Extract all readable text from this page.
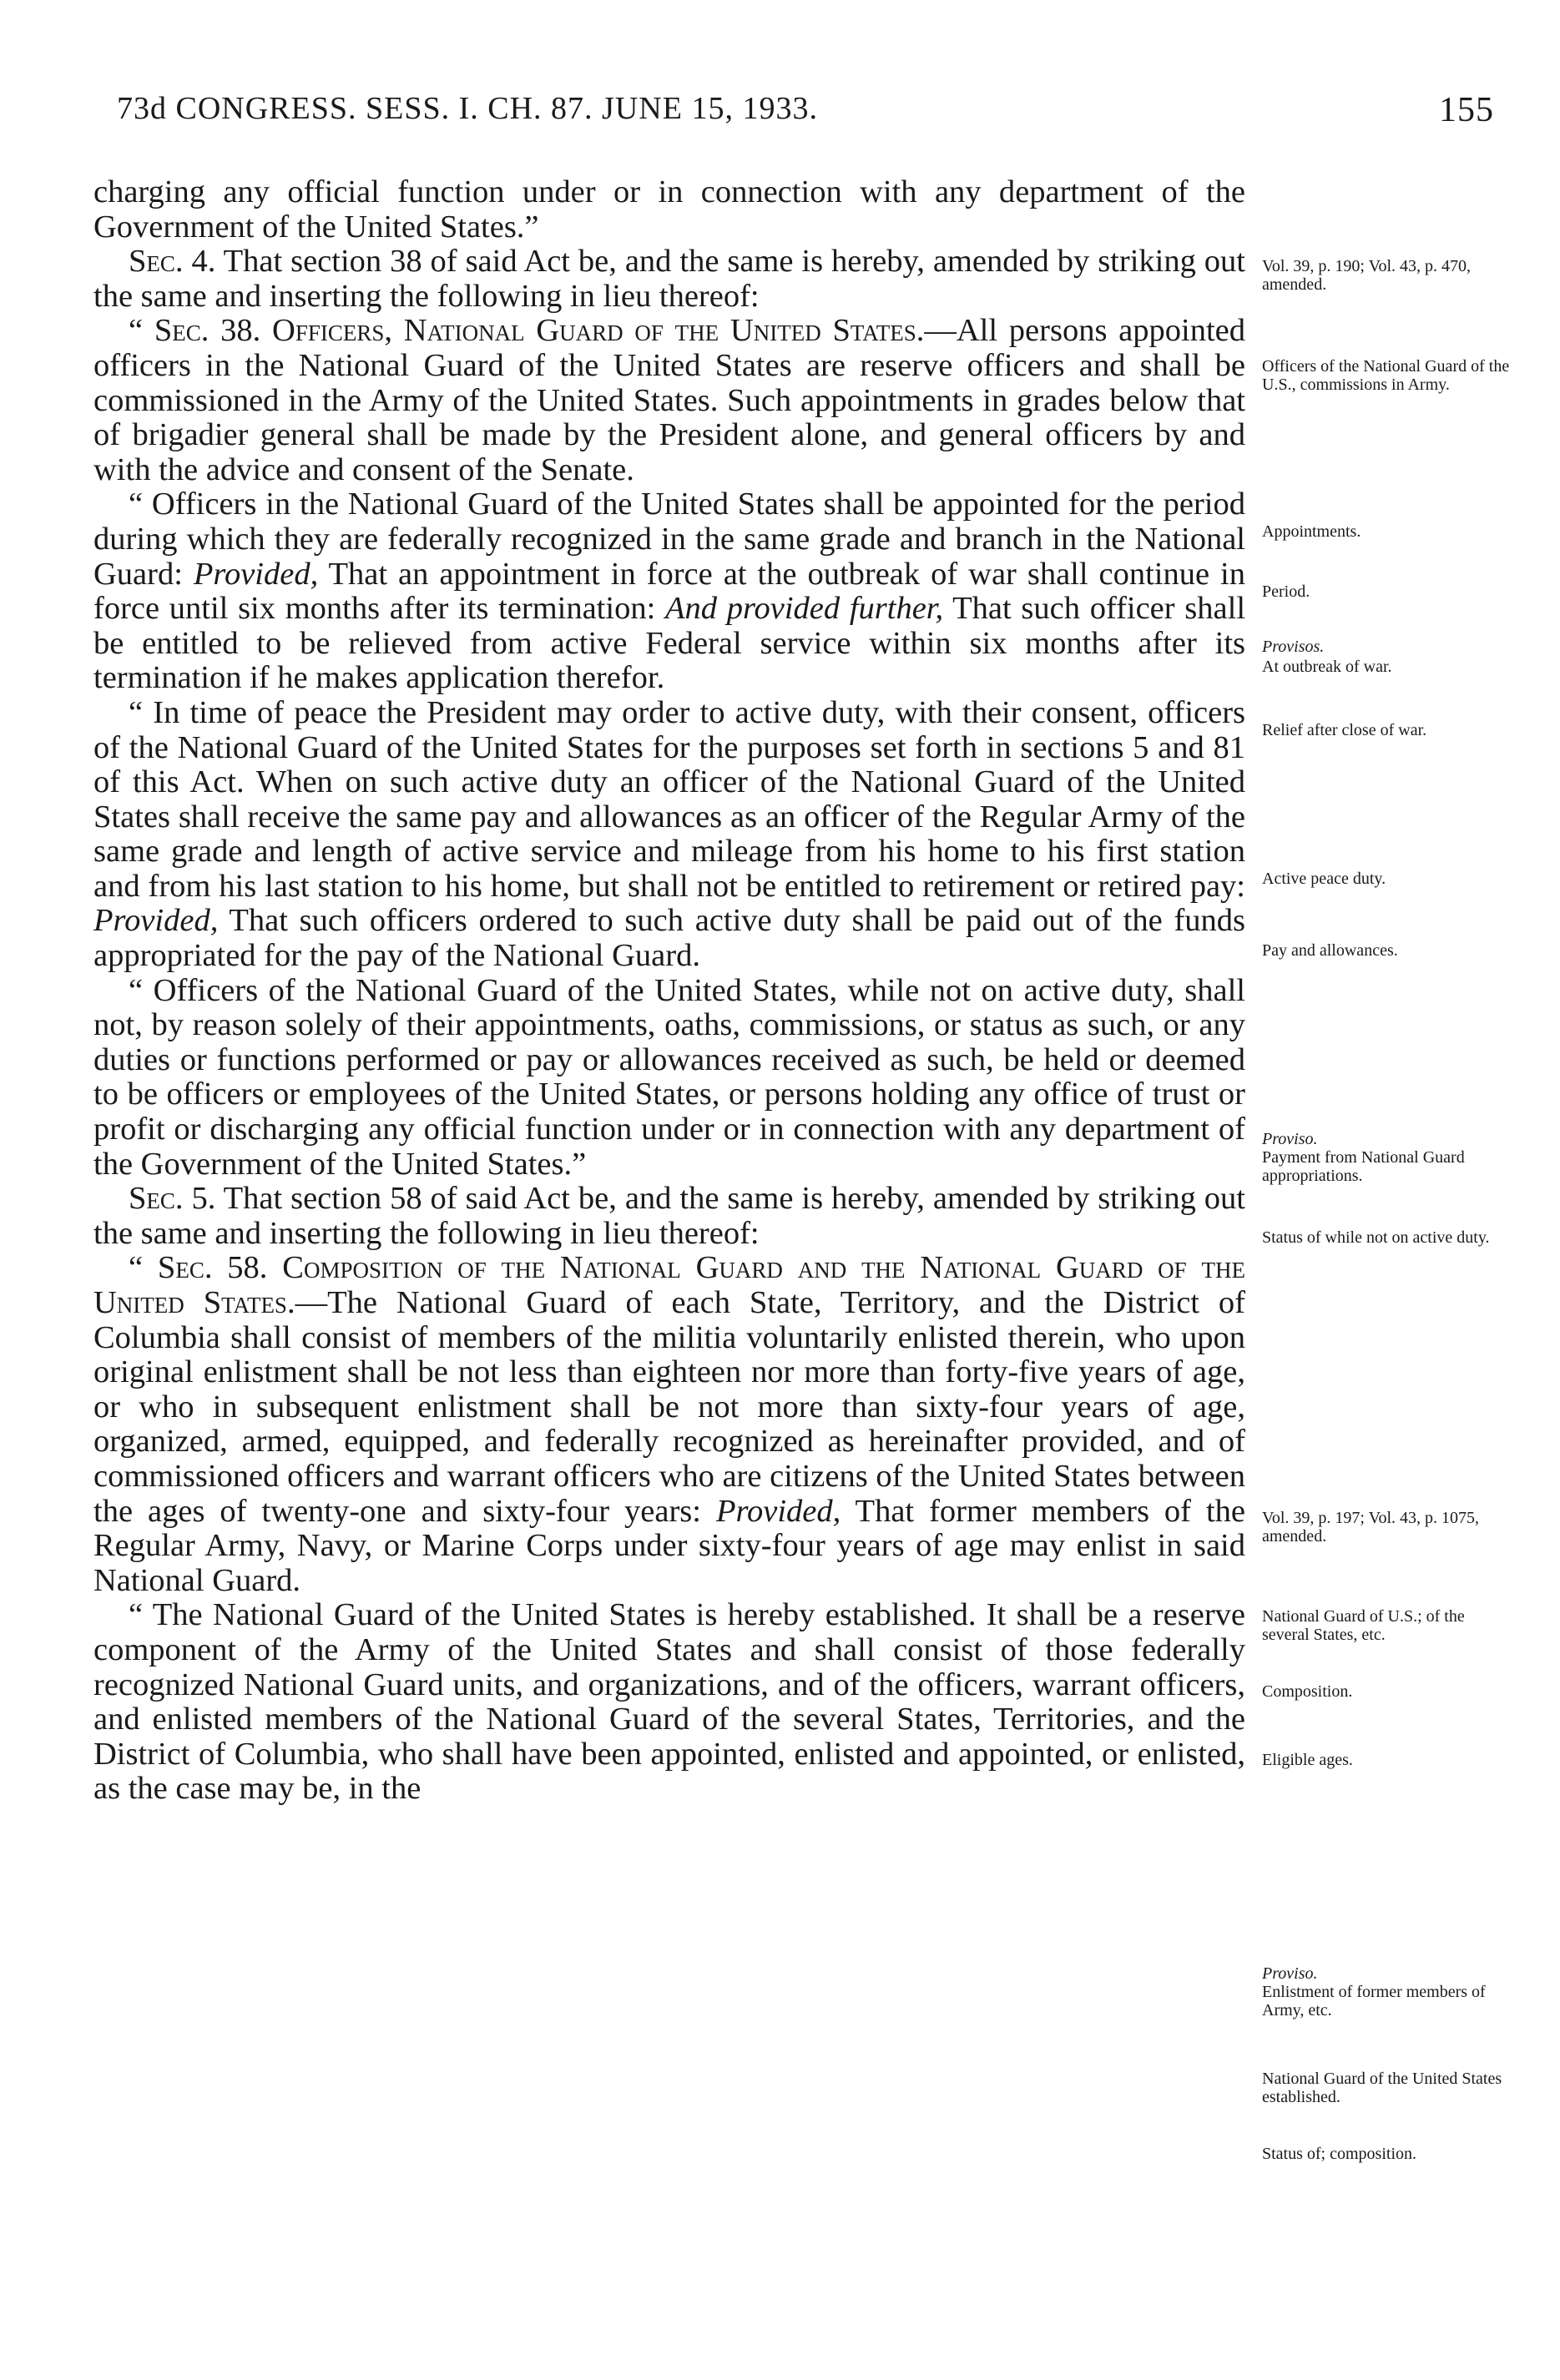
73d CONGRESS. SESS. I. CH. 87. JUNE 15, 1933.	155

charging any official function under or in connection with any department of the Government of the United States.”

Sec. 4. That section 38 of said Act be, and the same is hereby, amended by striking out the same and inserting the following in lieu thereof:

“ Sec. 38. Officers, National Guard of the United States.—All persons appointed officers in the National Guard of the United States are reserve officers and shall be commissioned in the Army of the United States. Such appointments in grades below that of brigadier general shall be made by the President alone, and general officers by and with the advice and consent of the Senate.

“ Officers in the National Guard of the United States shall be appointed for the period during which they are federally recognized in the same grade and branch in the National Guard: Provided, That an appointment in force at the outbreak of war shall continue in force until six months after its termination: And provided further, That such officer shall be entitled to be relieved from active Federal service within six months after its termination if he makes application therefor.

“ In time of peace the President may order to active duty, with their consent, officers of the National Guard of the United States for the purposes set forth in sections 5 and 81 of this Act. When on such active duty an officer of the National Guard of the United States shall receive the same pay and allowances as an officer of the Regular Army of the same grade and length of active service and mileage from his home to his first station and from his last station to his home, but shall not be entitled to retirement or retired pay: Provided, That such officers ordered to such active duty shall be paid out of the funds appropriated for the pay of the National Guard.

“ Officers of the National Guard of the United States, while not on active duty, shall not, by reason solely of their appointments, oaths, commissions, or status as such, or any duties or functions performed or pay or allowances received as such, be held or deemed to be officers or employees of the United States, or persons holding any office of trust or profit or discharging any official function under or in connection with any department of the Government of the United States.”

Sec. 5. That section 58 of said Act be, and the same is hereby, amended by striking out the same and inserting the following in lieu thereof:

“ Sec. 58. Composition of the National Guard and the National Guard of the United States.—The National Guard of each State, Territory, and the District of Columbia shall consist of members of the militia voluntarily enlisted therein, who upon original enlistment shall be not less than eighteen nor more than forty-five years of age, or who in subsequent enlistment shall be not more than sixty-four years of age, organized, armed, equipped, and federally recognized as hereinafter provided, and of commissioned officers and warrant officers who are citizens of the United States between the ages of twenty-one and sixty-four years: Provided, That former members of the Regular Army, Navy, or Marine Corps under sixty-four years of age may enlist in said National Guard.

“ The National Guard of the United States is hereby established. It shall be a reserve component of the Army of the United States and shall consist of those federally recognized National Guard units, and organizations, and of the officers, warrant officers, and enlisted members of the National Guard of the several States, Territories, and the District of Columbia, who shall have been appointed, enlisted and appointed, or enlisted, as the case may be, in the

Vol. 39, p. 190; Vol. 43, p. 470, amended.
Officers of the National Guard of the U.S., commissions in Army.
Appointments.
Period.
Provisos.
At outbreak of war.
Relief after close of war.
Active peace duty.
Pay and allowances.
Proviso.
Payment from National Guard appropriations.
Status of while not on active duty.
Vol. 39, p. 197; Vol. 43, p. 1075, amended.
National Guard of U.S.; of the several States, etc.
Composition.
Eligible ages.
Proviso.
Enlistment of former members of Army, etc.
National Guard of the United States established.
Status of; composition.
